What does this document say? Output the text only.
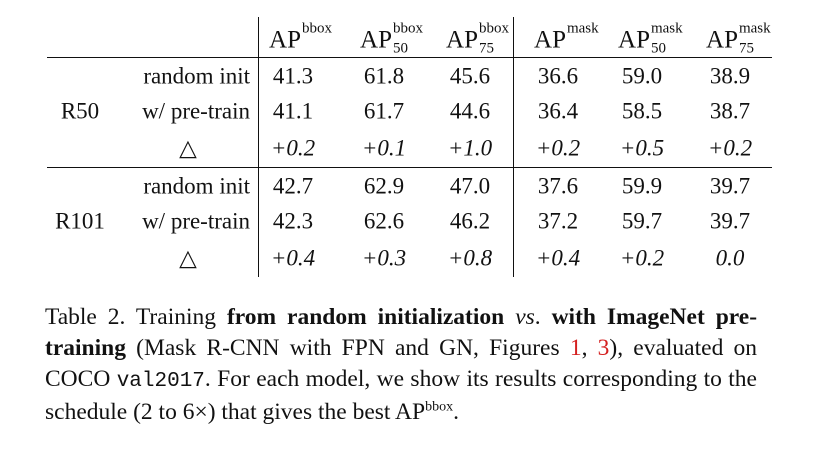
AP bbox AP bbox
50 AP bbox
75 AP mask AP mask
50 AP mask
75
R50
random init 41.3 61.8 45.6 36.6 59.0 38.9
w/ pre-train 41.1 61.7 44.6 36.4 58.5 38.7
△	+0.2 +0.1 +1.0 +0.2 +0.5 +0.2
R101
random init 42.7 62.9 47.0 37.6 59.9 39.7
w/ pre-train 42.3 62.6 46.2 37.2 59.7 39.7
△	+0.4 +0.3 +0.8 +0.4 +0.2 0.0
Table 2. Training from random initialization vs. with ImageNet pre-training (Mask R-CNN with FPN and GN, Figures 1, 3), evaluated on COCO val2017. For each model, we show its results corresponding to the schedule (2 to 6×) that gives the best $AP^{bbox}$.
